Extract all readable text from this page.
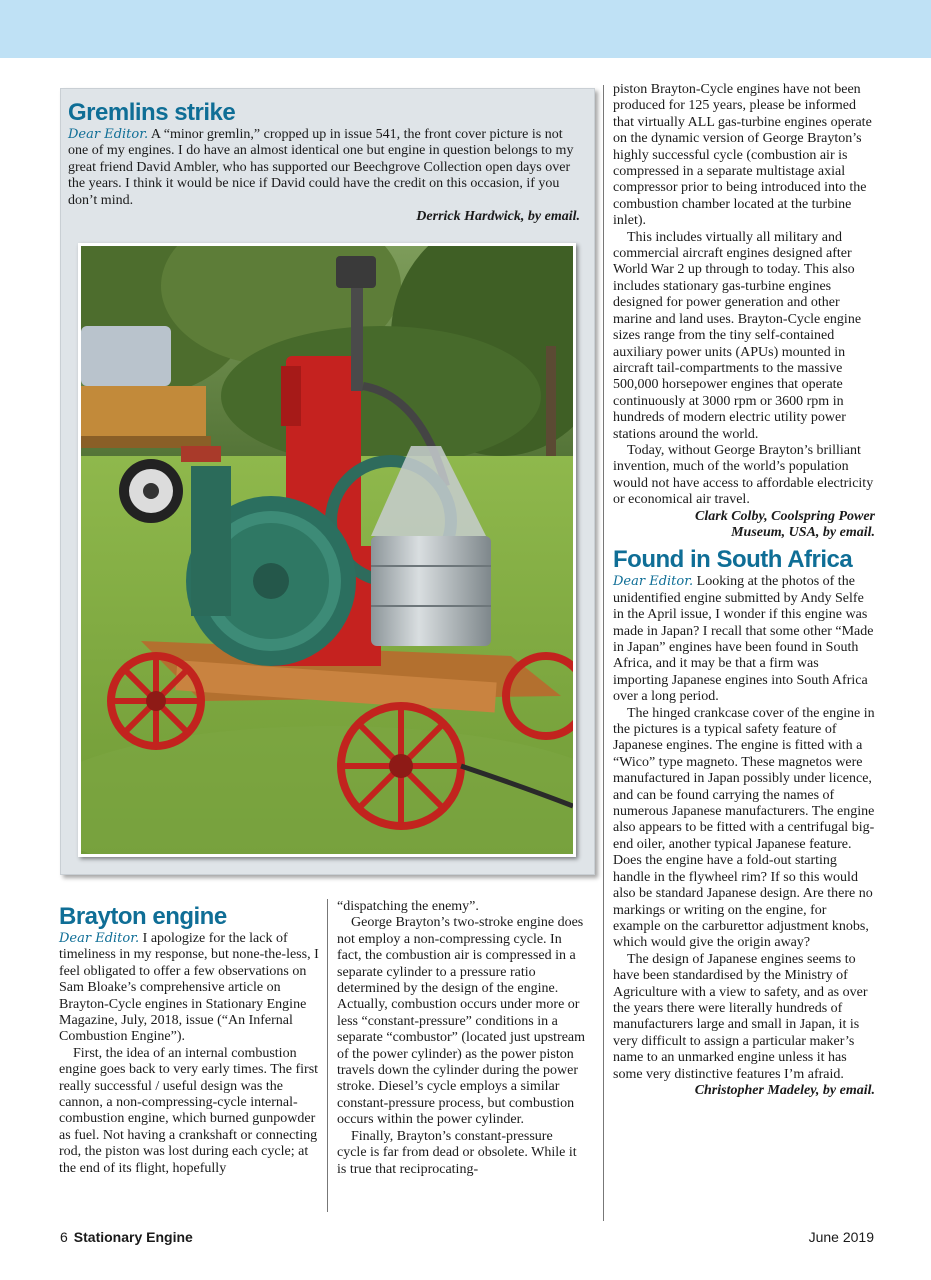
Gremlins strike
Dear Editor. A “minor gremlin,” cropped up in issue 541, the front cover picture is not one of my engines. I do have an almost identical one but engine in question belongs to my great friend David Ambler, who has supported our Beechgrove Collection open days over the years. I think it would be nice if David could have the credit on this occasion, if you don’t mind.
Derrick Hardwick, by email.
Brayton engine
Dear Editor. I apologize for the lack of timeliness in my response, but none-the-less, I feel obligated to offer a few observations on Sam Bloake’s comprehensive article on Brayton-Cycle engines in Stationary Engine Magazine, July, 2018, issue (“An Infernal Combustion Engine”).

First, the idea of an internal combustion engine goes back to very early times. The first really successful / useful design was the cannon, a non-compressing-cycle internal-combustion engine, which burned gunpowder as fuel. Not having a crankshaft or connecting rod, the piston was lost during each cycle; at the end of its flight, hopefully

“dispatching the enemy”.

George Brayton’s two-stroke engine does not employ a non-compressing cycle. In fact, the combustion air is compressed in a separate cylinder to a pressure ratio determined by the design of the engine. Actually, combustion occurs under more or less “constant-pressure” conditions in a separate “combustor” (located just upstream of the power cylinder) as the power piston travels down the cylinder during the power stroke. Diesel’s cycle employs a similar constant-pressure process, but combustion occurs within the power cylinder.

Finally, Brayton’s constant-pressure cycle is far from dead or obsolete. While it is true that reciprocating-

piston Brayton-Cycle engines have not been produced for 125 years, please be informed that virtually ALL gas-turbine engines operate on the dynamic version of George Brayton’s highly successful cycle (combustion air is compressed in a separate multistage axial compressor prior to being introduced into the combustion chamber located at the turbine inlet).

This includes virtually all military and commercial aircraft engines designed after World War 2 up through to today. This also includes stationary gas-turbine engines designed for power generation and other marine and land uses. Brayton-Cycle engine sizes range from the tiny self-contained auxiliary power units (APUs) mounted in aircraft tail-compartments to the massive 500,000 horsepower engines that operate continuously at 3000 rpm or 3600 rpm in hundreds of modern electric utility power stations around the world.

Today, without George Brayton’s brilliant invention, much of the world’s population would not have access to affordable electricity or economical air travel.

Clark Colby, Coolspring Power Museum, USA, by email.
Found in South Africa
Dear Editor. Looking at the photos of the unidentified engine submitted by Andy Selfe in the April issue, I wonder if this engine was made in Japan? I recall that some other “Made in Japan” engines have been found in South Africa, and it may be that a firm was importing Japanese engines into South Africa over a long period.

The hinged crankcase cover of the engine in the pictures is a typical safety feature of Japanese engines. The engine is fitted with a “Wico” type magneto. These magnetos were manufactured in Japan possibly under licence, and can be found carrying the names of numerous Japanese manufacturers. The engine also appears to be fitted with a centrifugal big-end oiler, another typical Japanese feature. Does the engine have a fold-out starting handle in the flywheel rim? If so this would also be standard Japanese design. Are there no markings or writing on the engine, for example on the carburettor adjustment knobs, which would give the origin away?

The design of Japanese engines seems to have been standardised by the Ministry of Agriculture with a view to safety, and as over the years there were literally hundreds of manufacturers large and small in Japan, it is very difficult to assign a particular maker’s name to an unmarked engine unless it has some very distinctive features I’m afraid.

Christopher Madeley, by email.
6 Stationary Engine	June 2019
